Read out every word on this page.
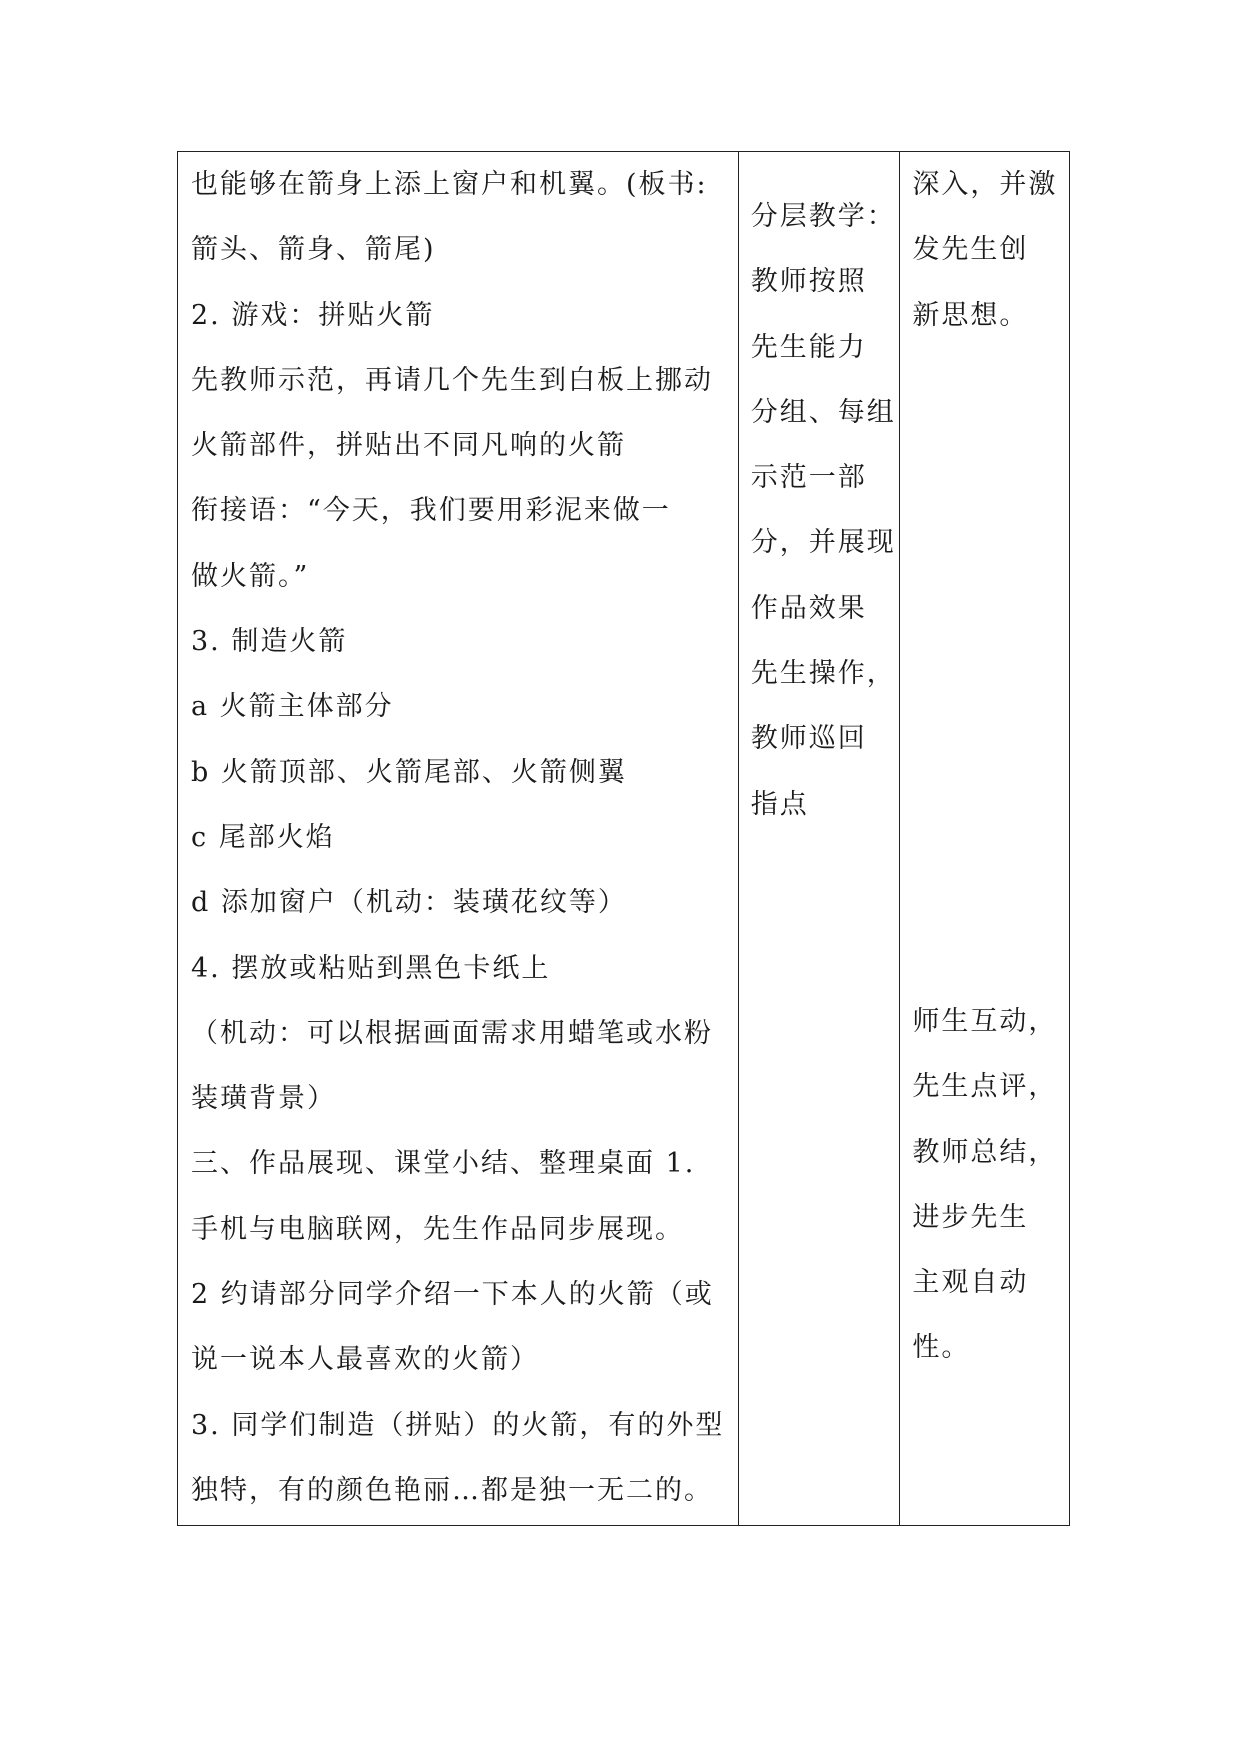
也能够在箭身上添上窗户和机翼。(板书:
箭头、箭身、箭尾)
2. 游戏：拼贴火箭
先教师示范，再请几个先生到白板上挪动
火箭部件，拼贴出不同凡响的火箭
衔接语：“今天，我们要用彩泥来做一
做火箭。”
3. 制造火箭
a 火箭主体部分
b 火箭顶部、火箭尾部、火箭侧翼
c 尾部火焰
d 添加窗户（机动：装璜花纹等）
4. 摆放或粘贴到黑色卡纸上
（机动：可以根据画面需求用蜡笔或水粉
装璜背景）
三、作品展现、课堂小结、整理桌面 1.
手机与电脑联网，先生作品同步展现。
2 约请部分同学介绍一下本人的火箭（或
说一说本人最喜欢的火箭）
3. 同学们制造（拼贴）的火箭，有的外型
独特，有的颜色艳丽…都是独一无二的。
分层教学：
教师按照
先生能力
分组、每组
示范一部
分，并展现
作品效果
先生操作，
教师巡回
指点
深入，并激
发先生创
新思想。
师生互动，
先生点评，
教师总结，
进步先生
主观自动
性。
